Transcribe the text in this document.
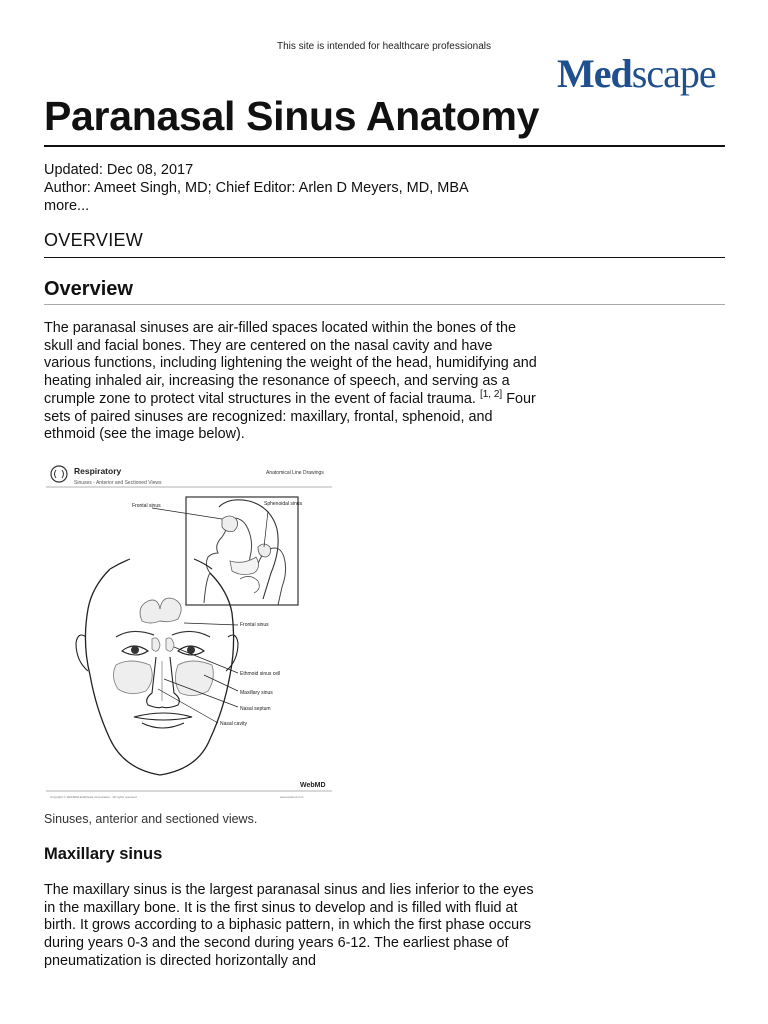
This site is intended for healthcare professionals
Medscape
Paranasal Sinus Anatomy
Updated: Dec 08, 2017
Author: Ameet Singh, MD; Chief Editor: Arlen D Meyers, MD, MBA
more...
OVERVIEW
Overview

The paranasal sinuses are air-filled spaces located within the bones of the skull and facial bones. They are centered on the nasal cavity and have various functions, including lightening the weight of the head, humidifying and heating inhaled air, increasing the resonance of speech, and serving as a crumple zone to protect vital structures in the event of facial trauma. [1, 2] Four sets of paired sinuses are recognized: maxillary, frontal, sphenoid, and ethmoid (see the image below).

Respiratory
Sinuses - Anterior and Sectioned Views
Anatomical Line Drawings
Frontal sinus	Sphenoidal sinus
Frontal sinus
Ethmoid sinus cell
Maxillary sinus
Nasal septum
Nasal cavity
WebMD
Copyright © WebMD/HealthGate Corporation · All rights reserved	www.webmd.com
Sinuses, anterior and sectioned views.
Maxillary sinus

The maxillary sinus is the largest paranasal sinus and lies inferior to the eyes in the maxillary bone. It is the first sinus to develop and is filled with fluid at birth. It grows according to a biphasic pattern, in which the first phase occurs during years 0-3 and the second during years 6-12. The earliest phase of pneumatization is directed horizontally and
